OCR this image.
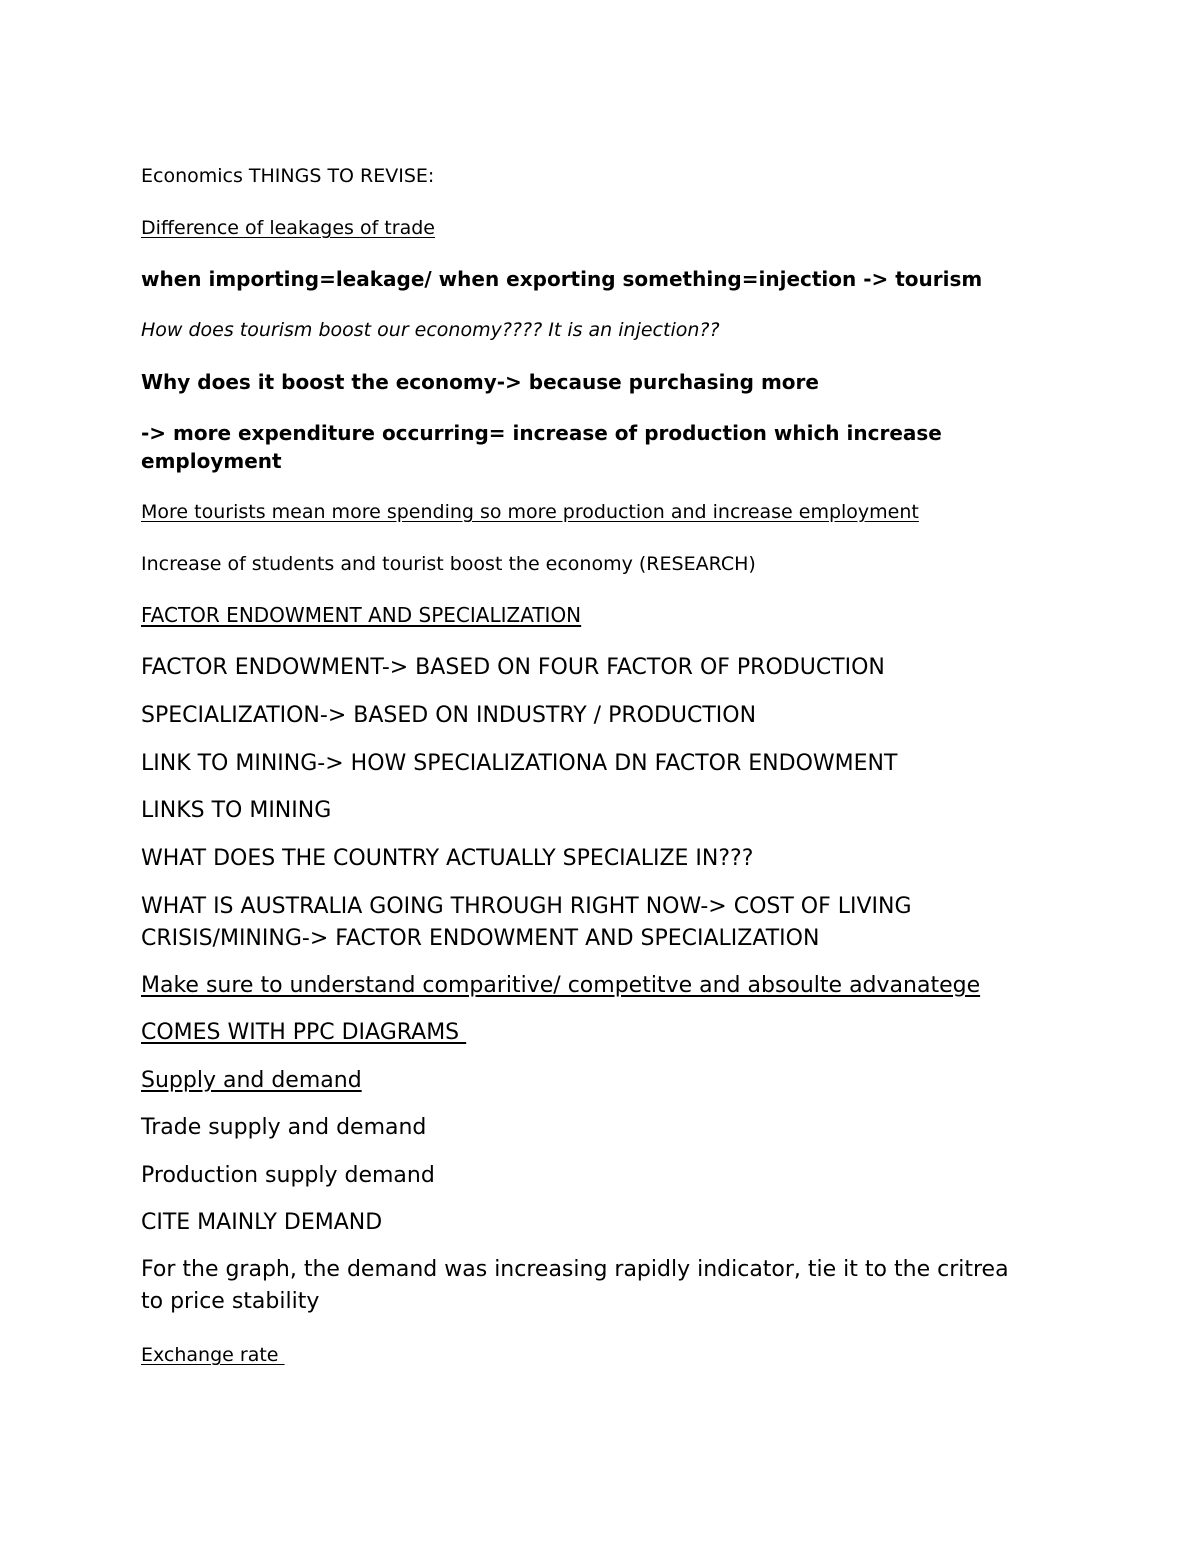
Economics THINGS TO REVISE:

Difference of leakages of trade

when importing=leakage/ when exporting something=injection -> tourism

How does tourism boost our economy???? It is an injection??

Why does it boost the economy-> because purchasing more

-> more expenditure occurring= increase of production which increase employment

More tourists mean more spending so more production and increase employment

Increase of students and tourist boost the economy (RESEARCH)

FACTOR ENDOWMENT AND SPECIALIZATION

FACTOR ENDOWMENT-> BASED ON FOUR FACTOR OF PRODUCTION

SPECIALIZATION-> BASED ON INDUSTRY / PRODUCTION

LINK TO MINING-> HOW SPECIALIZATIONA DN FACTOR ENDOWMENT

LINKS TO MINING

WHAT DOES THE COUNTRY ACTUALLY SPECIALIZE IN???

WHAT IS AUSTRALIA GOING THROUGH RIGHT NOW-> COST OF LIVING CRISIS/MINING-> FACTOR ENDOWMENT AND SPECIALIZATION

Make sure to understand comparitive/ competitve and absoulte advanatege

COMES WITH PPC DIAGRAMS

Supply and demand

Trade supply and demand

Production supply demand

CITE MAINLY DEMAND

For the graph, the demand was increasing rapidly indicator, tie it to the critrea to price stability

Exchange rate
